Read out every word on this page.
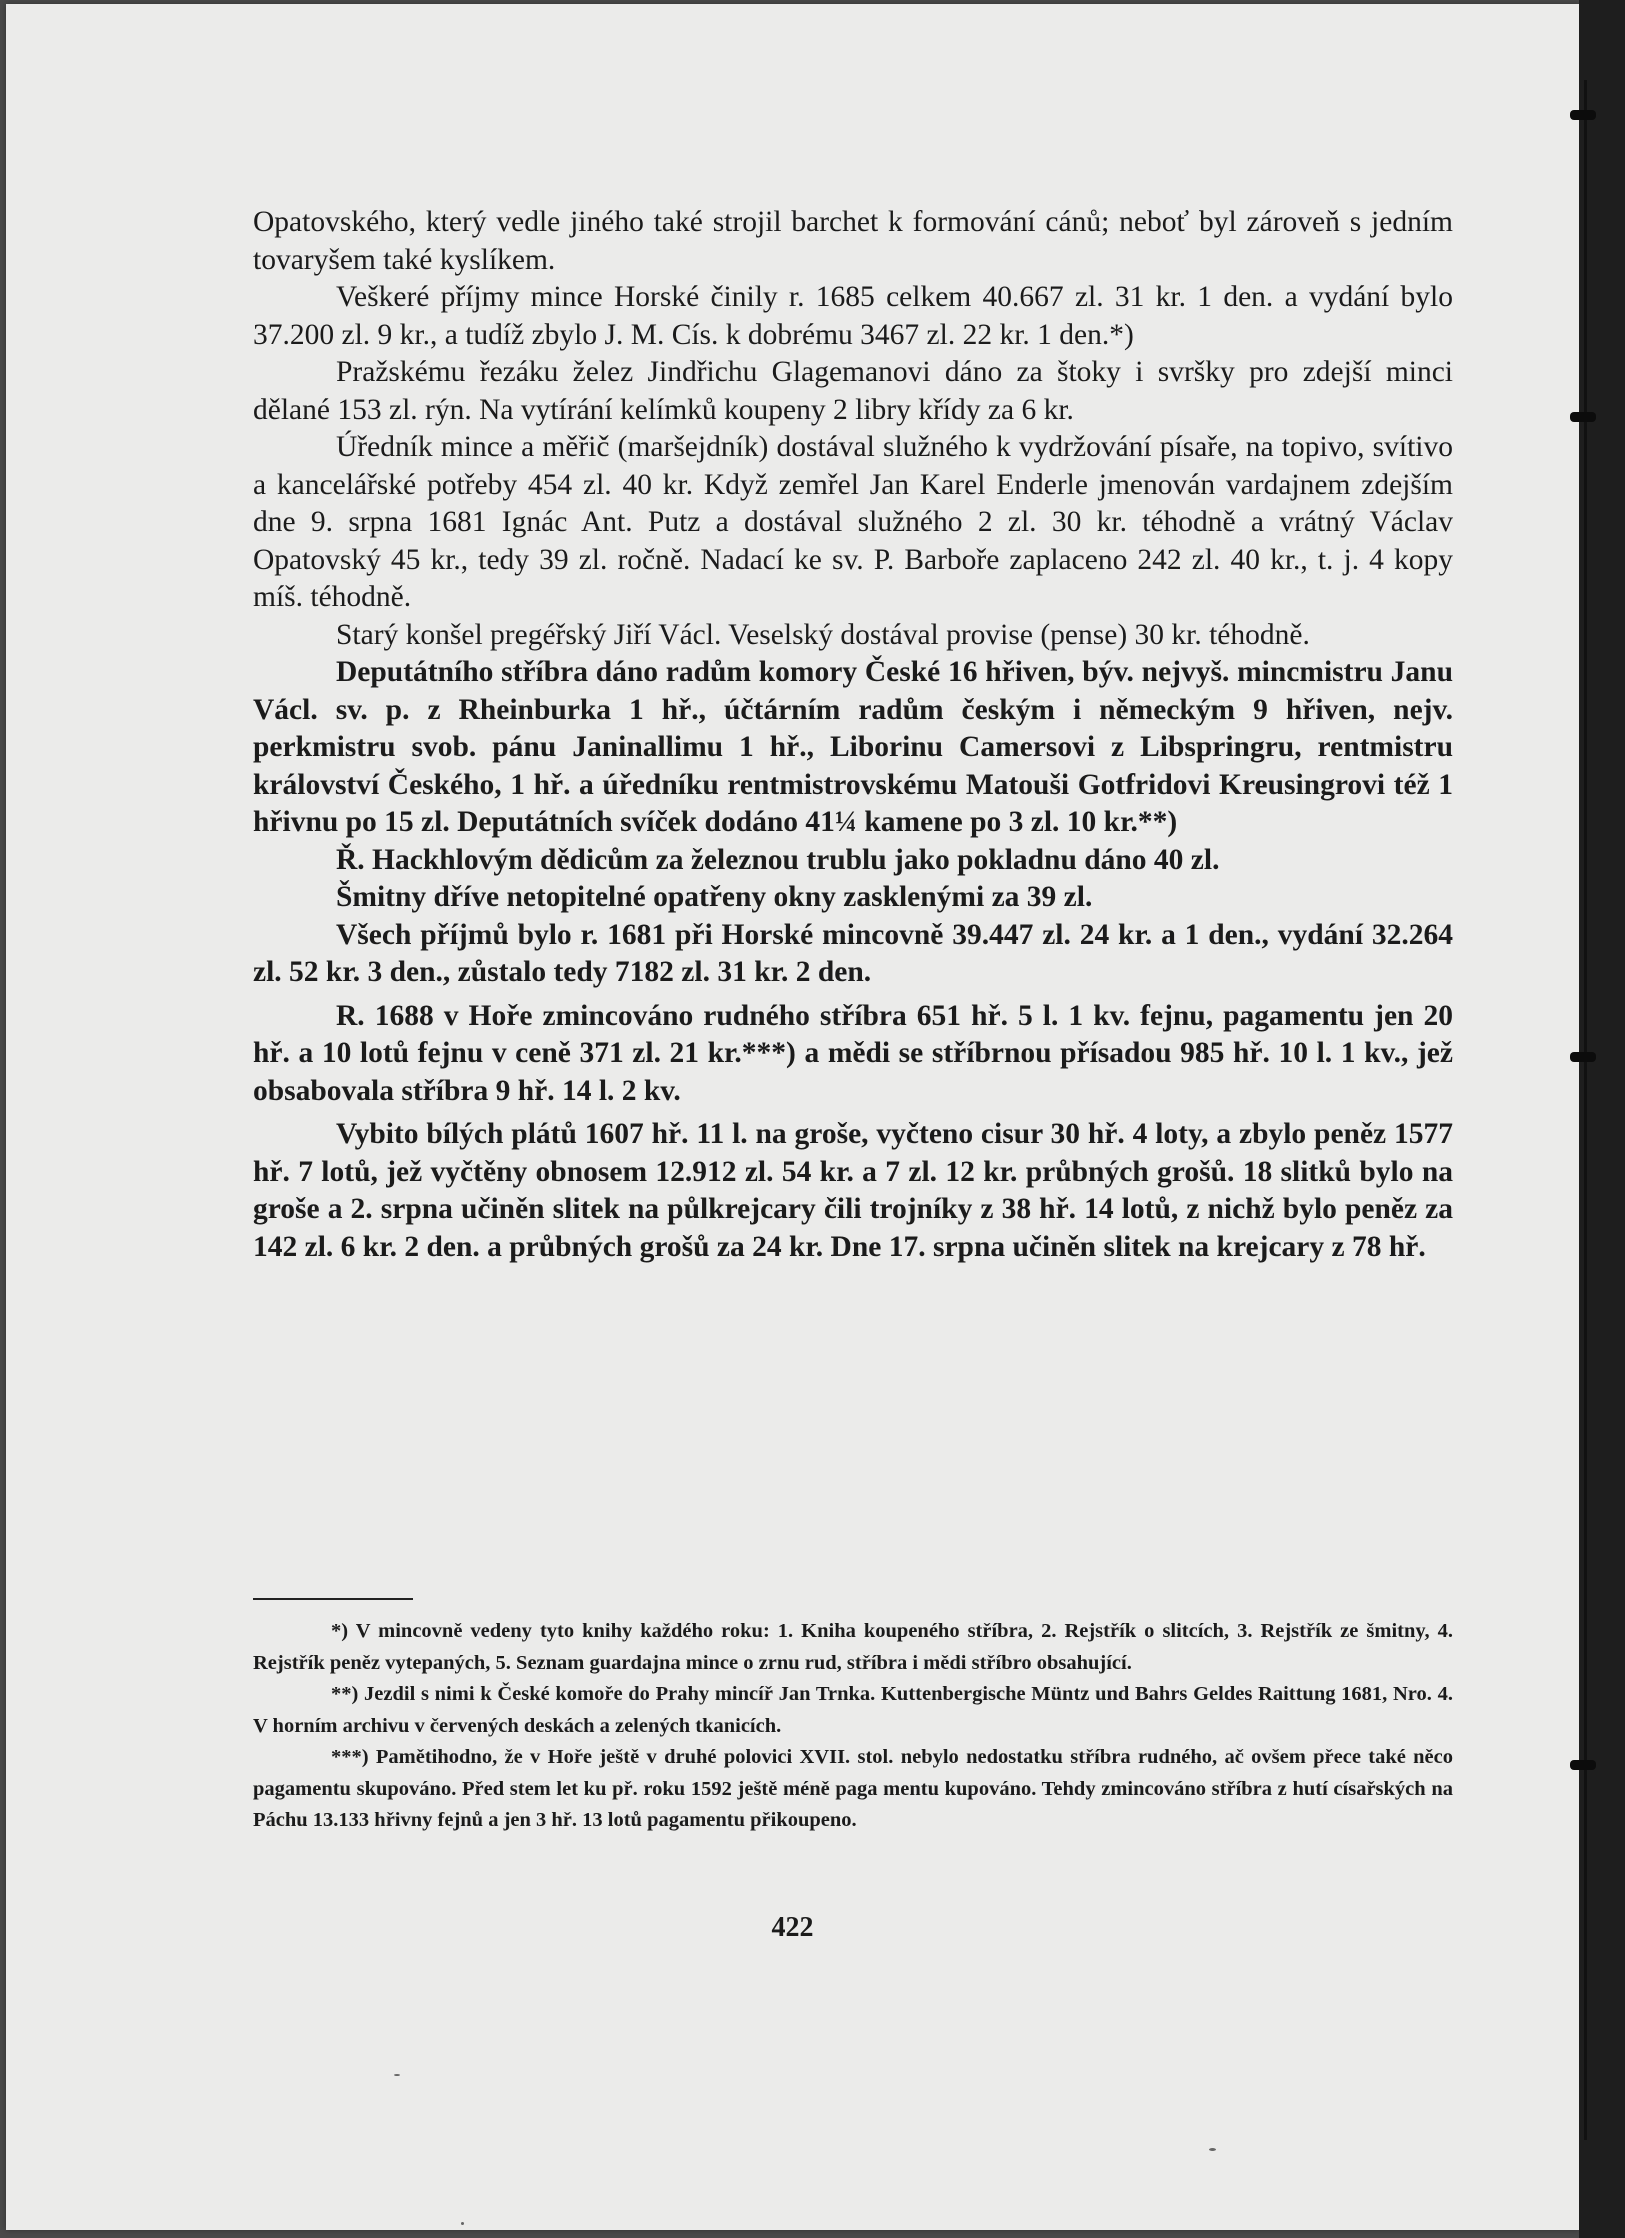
Opatovského, který vedle jiného také strojil barchet k formování cánů; neboť byl zároveň s jedním tovaryšem také kyslíkem.

Veškeré příjmy mince Horské činily r. 1685 celkem 40.667 zl. 31 kr. 1 den. a vydání bylo 37.200 zl. 9 kr., a tudíž zbylo J. M. Cís. k dobrému 3467 zl. 22 kr. 1 den.*)

Pražskému řezáku želez Jindřichu Glagemanovi dáno za štoky i svršky pro zdejší minci dělané 153 zl. rýn. Na vytírání kelímků koupeny 2 libry křídy za 6 kr.

Úředník mince a měřič (maršejdník) dostával služného k vydržování písaře, na topivo, svítivo a kancelářské potřeby 454 zl. 40 kr. Když zemřel Jan Karel Enderle jmenován vardajnem zdejším dne 9. srpna 1681 Ignác Ant. Putz a dostával služného 2 zl. 30 kr. téhodně a vrátný Václav Opatovský 45 kr., tedy 39 zl. ročně. Nadací ke sv. P. Barboře zaplaceno 242 zl. 40 kr., t. j. 4 kopy míš. téhodně.

Starý konšel pregéřský Jiří Václ. Veselský dostával provise (pense) 30 kr. téhodně.

Deputátního stříbra dáno radům komory České 16 hřiven, býv. nejvyš. mincmistru Janu Václ. sv. p. z Rheinburka 1 hř., účtárním radům českým i německým 9 hřiven, nejv. perkmistru svob. pánu Janinallimu 1 hř., Liborinu Camersovi z Libspringru, rentmistru království Českého, 1 hř. a úředníku rentmistrovskému Matouši Gotfridovi Kreusingrovi též 1 hřivnu po 15 zl. Deputátních svíček dodáno 41¼ kamene po 3 zl. 10 kr.**)

Ř. Hackhlovým dědicům za železnou trublu jako pokladnu dáno 40 zl.

Šmitny dříve netopitelné opatřeny okny zasklenými za 39 zl.

Všech příjmů bylo r. 1681 při Horské mincovně 39.447 zl. 24 kr. a 1 den., vydání 32.264 zl. 52 kr. 3 den., zůstalo tedy 7182 zl. 31 kr. 2 den.

R. 1688 v Hoře zmincováno rudného stříbra 651 hř. 5 l. 1 kv. fejnu, pagamentu jen 20 hř. a 10 lotů fejnu v ceně 371 zl. 21 kr.***) a mědi se stříbrnou přísadou 985 hř. 10 l. 1 kv., jež obsabovala stříbra 9 hř. 14 l. 2 kv.

Vybito bílých plátů 1607 hř. 11 l. na groše, vyčteno cisur 30 hř. 4 loty, a zbylo peněz 1577 hř. 7 lotů, jež vyčtěny obnosem 12.912 zl. 54 kr. a 7 zl. 12 kr. průbných grošů. 18 slitků bylo na groše a 2. srpna učiněn slitek na půlkrejcary čili trojníky z 38 hř. 14 lotů, z nichž bylo peněz za 142 zl. 6 kr. 2 den. a průbných grošů za 24 kr. Dne 17. srpna učiněn slitek na krejcary z 78 hř.

*) V mincovně vedeny tyto knihy každého roku: 1. Kniha koupeného stříbra, 2. Rejstřík o slitcích, 3. Rejstřík ze šmitny, 4. Rejstřík peněz vytepaných, 5. Seznam guardajna mince o zrnu rud, stříbra i mědi stříbro obsahující.

**) Jezdil s nimi k České komoře do Prahy mincíř Jan Trnka. Kuttenbergische Müntz und Bahrs Geldes Raittung 1681, Nro. 4. V horním archivu v červených deskách a zelených tkanicích.

***) Pamětihodno, že v Hoře ještě v druhé polovici XVII. stol. nebylo nedostatku stříbra rudného, ač ovšem přece také něco pagamentu skupováno. Před stem let ku př. roku 1592 ještě méně paga mentu kupováno. Tehdy zmincováno stříbra z hutí císařských na Páchu 13.133 hřivny fejnů a jen 3 hř. 13 lotů pagamentu přikoupeno.

422
